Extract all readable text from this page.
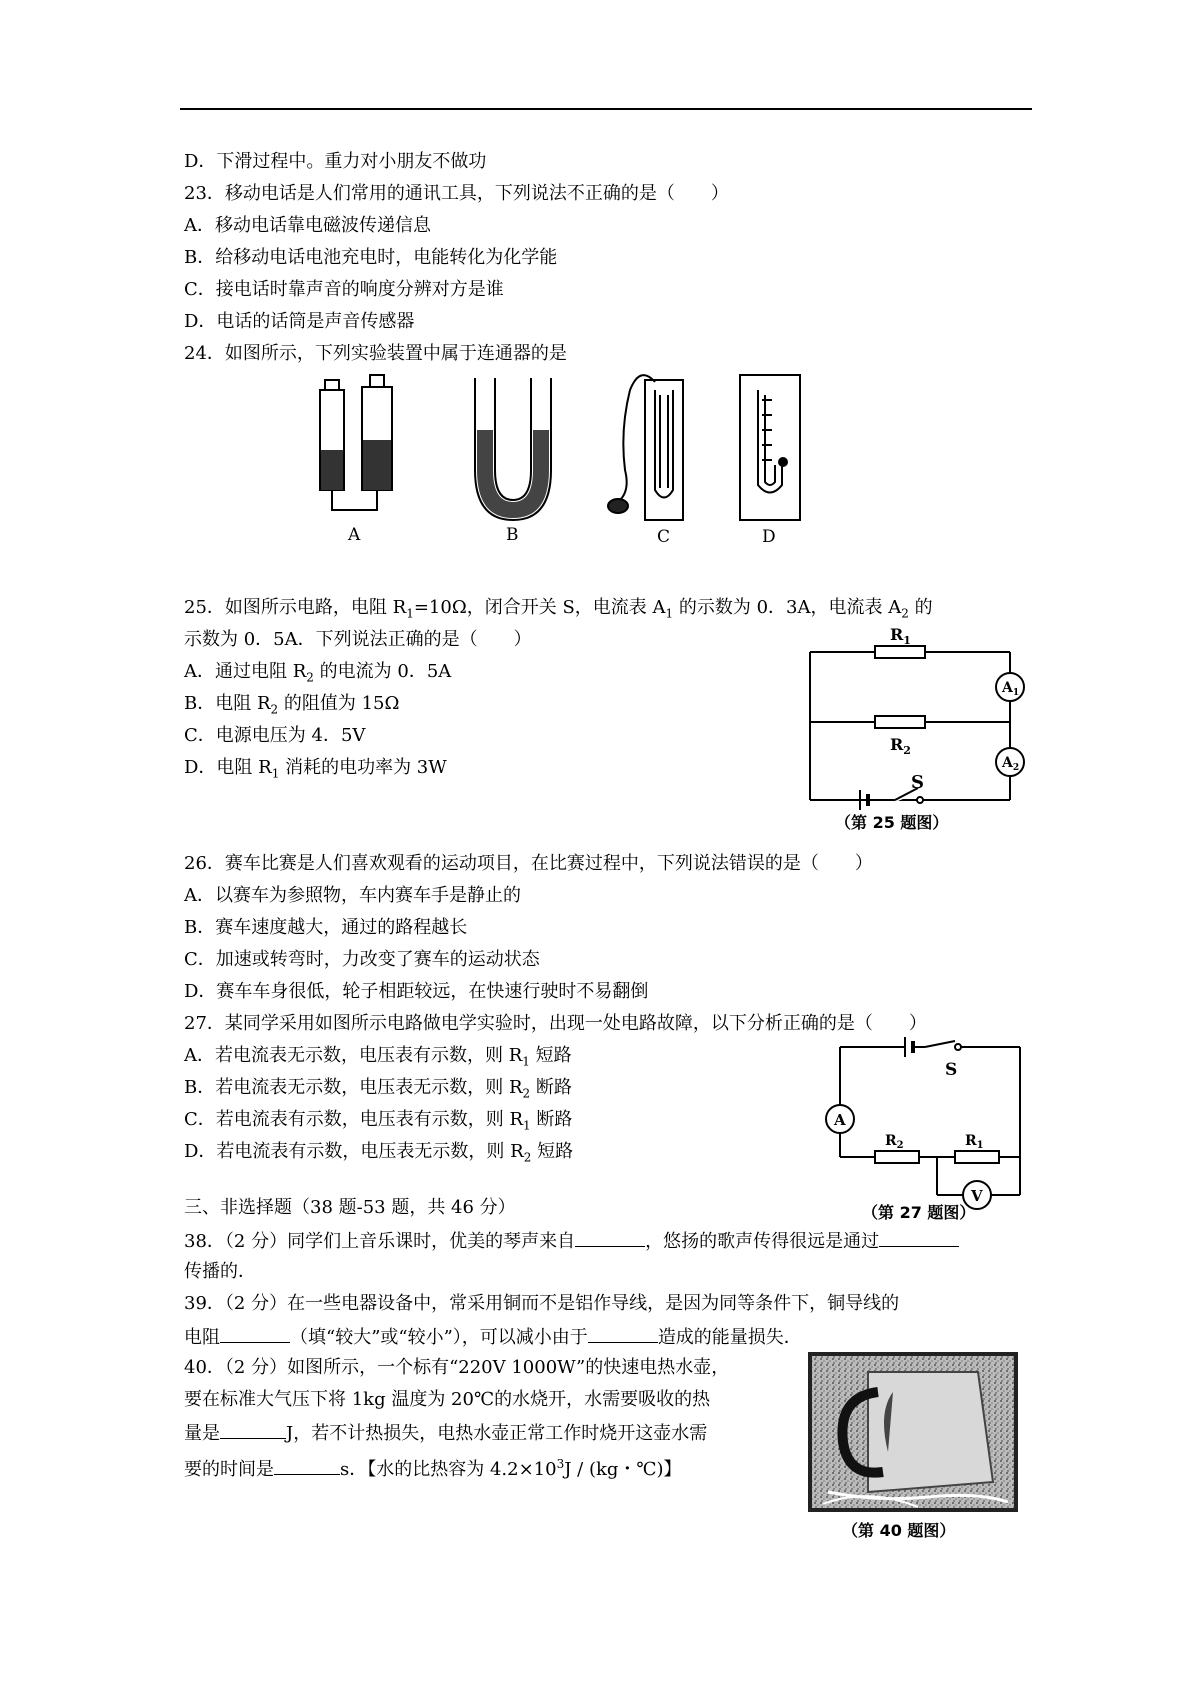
D．下滑过程中。重力对小朋友不做功
23．移动电话是人们常用的通讯工具，下列说法不正确的是（　　）
A．移动电话靠电磁波传递信息
B．给移动电话电池充电时，电能转化为化学能
C．接电话时靠声音的响度分辨对方是谁
D．电话的话筒是声音传感器
24．如图所示，下列实验装置中属于连通器的是
A	B	C	D
25．如图所示电路，电阻 $R_1=10\Omega$，闭合开关 S，电流表 $A_1$ 的示数为 0．3A，电流表 $A_2$ 的
示数为 0．5A．下列说法正确的是（　　）
A．通过电阻 $R_2$ 的电流为 0．5A
B．电阻 $R_2$ 的阻值为 15Ω
C．电源电压为 4．5V
D．电阻 $R_1$ 消耗的电功率为 3W
$R_1$
$R_2$
$A_1$
$A_2$
S
（第 25 题图）
26．赛车比赛是人们喜欢观看的运动项目，在比赛过程中，下列说法错误的是（　　）
A．以赛车为参照物，车内赛车手是静止的
B．赛车速度越大，通过的路程越长
C．加速或转弯时，力改变了赛车的运动状态
D．赛车车身很低，轮子相距较远，在快速行驶时不易翻倒
27．某同学采用如图所示电路做电学实验时，出现一处电路故障，以下分析正确的是（　　）
A．若电流表无示数，电压表有示数，则 $R_1$ 短路
B．若电流表无示数，电压表无示数，则 $R_2$ 断路
C．若电流表有示数，电压表有示数，则 $R_1$ 断路
D．若电流表有示数，电压表无示数，则 $R_2$ 短路
S
A
V
$R_2$	$R_1$
（第 27 题图）
三、非选择题（38 题-53 题，共 46 分）
38．（2 分）同学们上音乐课时，优美的琴声来自	，悠扬的歌声传得很远是通过
传播的．
39．（2 分）在一些电器设备中，常采用铜而不是铝作导线，是因为同等条件下，铜导线的
电阻	（填“较大”或“较小”），可以减小由于	造成的能量损失．
40．（2 分）如图所示，一个标有“220V 1000W”的快速电热水壶，
要在标准大气压下将 1kg 温度为 20℃的水烧开，水需要吸收的热
量是	J，若不计热损失，电热水壶正常工作时烧开这壶水需
要的时间是	s．【水的比热容为 $4.2\times 10^3J / (kg$・℃)】
（第 40 题图）
